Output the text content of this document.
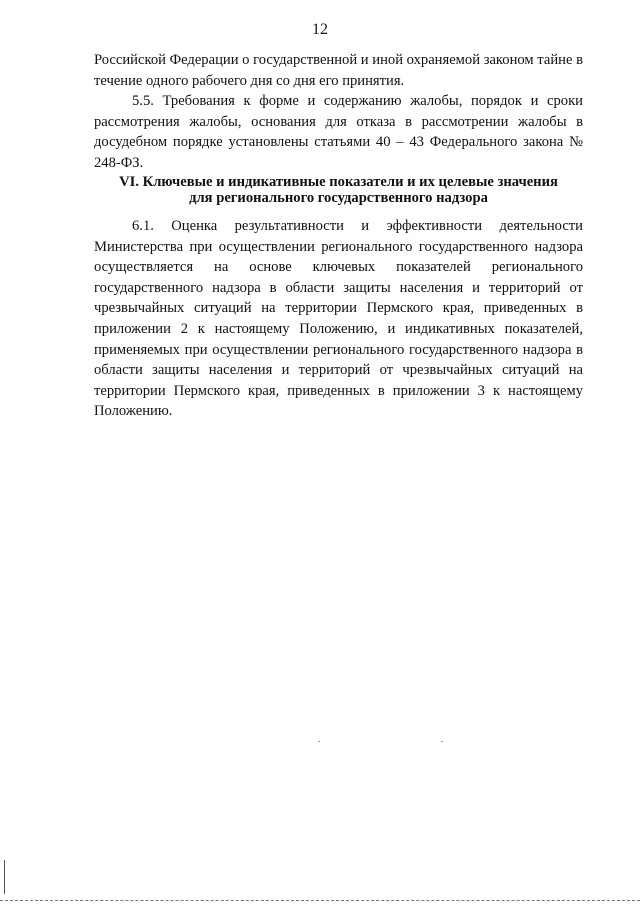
12

Российской Федерации о государственной и иной охраняемой законом тайне в течение одного рабочего дня со дня его принятия.

5.5. Требования к форме и содержанию жалобы, порядок и сроки рассмотрения жалобы, основания для отказа в рассмотрении жалобы в досудебном порядке установлены статьями 40 – 43 Федерального закона № 248-ФЗ.

VI. Ключевые и индикативные показатели и их целевые значения
для регионального государственного надзора

6.1. Оценка результативности и эффективности деятельности Министерства при осуществлении регионального государственного надзора осуществляется на основе ключевых показателей регионального государственного надзора в области защиты населения и территорий от чрезвычайных ситуаций на территории Пермского края, приведенных в приложении 2 к настоящему Положению, и индикативных показателей, применяемых при осуществлении регионального государственного надзора в области защиты населения и территорий от чрезвычайных ситуаций на территории Пермского края, приведенных в приложении 3 к настоящему Положению.
